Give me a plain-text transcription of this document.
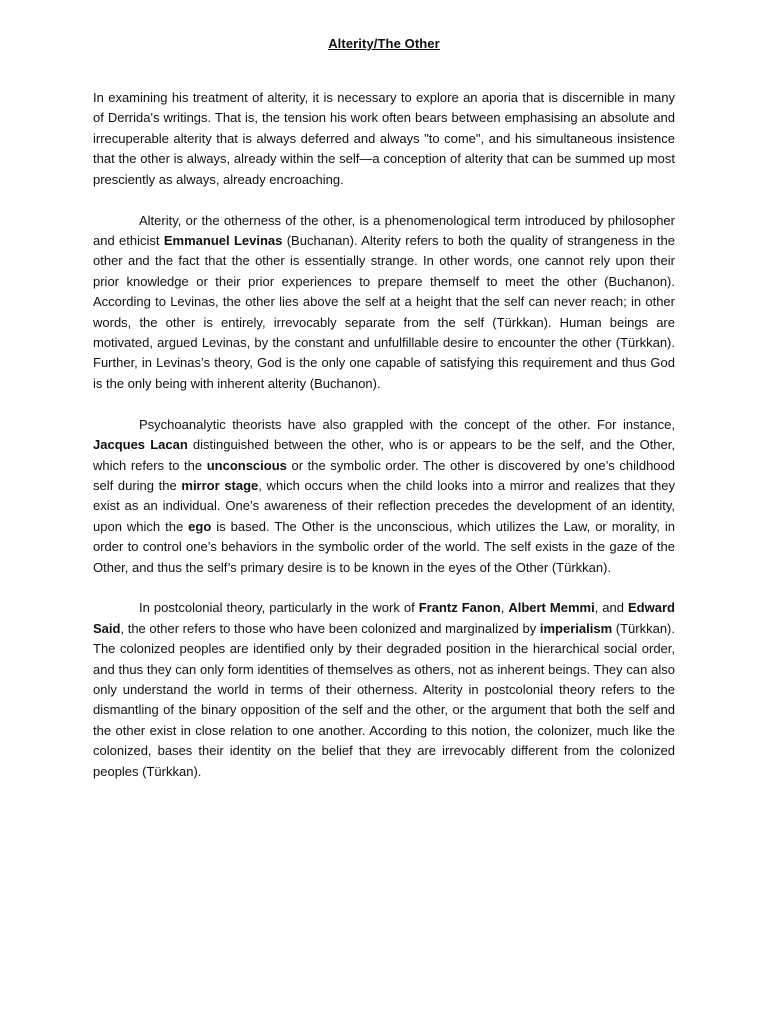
Alterity/The Other

In examining his treatment of alterity, it is necessary to explore an aporia that is discernible in many of Derrida's writings. That is, the tension his work often bears between emphasising an absolute and irrecuperable alterity that is always deferred and always "to come", and his simultaneous insistence that the other is always, already within the self—a conception of alterity that can be summed up most presciently as always, already encroaching.

Alterity, or the otherness of the other, is a phenomenological term introduced by philosopher and ethicist Emmanuel Levinas (Buchanan). Alterity refers to both the quality of strangeness in the other and the fact that the other is essentially strange. In other words, one cannot rely upon their prior knowledge or their prior experiences to prepare themself to meet the other (Buchanon). According to Levinas, the other lies above the self at a height that the self can never reach; in other words, the other is entirely, irrevocably separate from the self (Türkkan). Human beings are motivated, argued Levinas, by the constant and unfulfillable desire to encounter the other (Türkkan). Further, in Levinas’s theory, God is the only one capable of satisfying this requirement and thus God is the only being with inherent alterity (Buchanon).

Psychoanalytic theorists have also grappled with the concept of the other. For instance, Jacques Lacan distinguished between the other, who is or appears to be the self, and the Other, which refers to the unconscious or the symbolic order. The other is discovered by one’s childhood self during the mirror stage, which occurs when the child looks into a mirror and realizes that they exist as an individual. One’s awareness of their reflection precedes the development of an identity, upon which the ego is based. The Other is the unconscious, which utilizes the Law, or morality, in order to control one’s behaviors in the symbolic order of the world. The self exists in the gaze of the Other, and thus the self’s primary desire is to be known in the eyes of the Other (Türkkan).

In postcolonial theory, particularly in the work of Frantz Fanon, Albert Memmi, and Edward Said, the other refers to those who have been colonized and marginalized by imperialism (Türkkan). The colonized peoples are identified only by their degraded position in the hierarchical social order, and thus they can only form identities of themselves as others, not as inherent beings. They can also only understand the world in terms of their otherness. Alterity in postcolonial theory refers to the dismantling of the binary opposition of the self and the other, or the argument that both the self and the other exist in close relation to one another. According to this notion, the colonizer, much like the colonized, bases their identity on the belief that they are irrevocably different from the colonized peoples (Türkkan).
